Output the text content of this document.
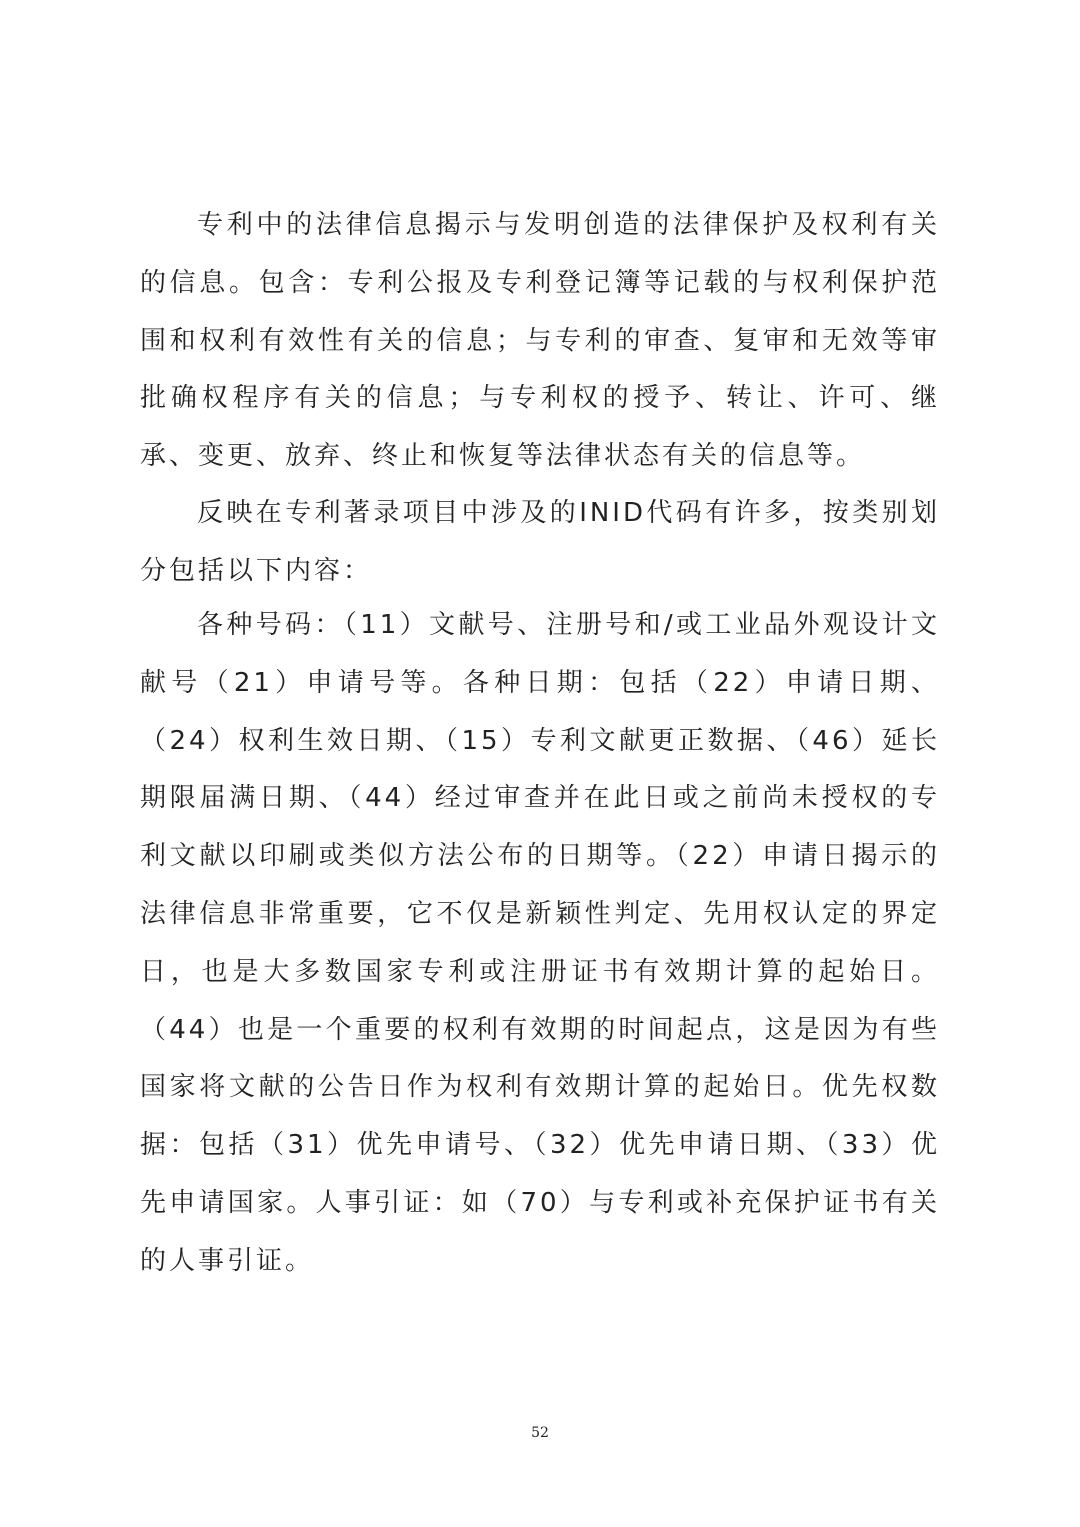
专利中的法律信息揭示与发明创造的法律保护及权利有关的信息。包含：专利公报及专利登记簿等记载的与权利保护范围和权利有效性有关的信息；与专利的审查、复审和无效等审批确权程序有关的信息；与专利权的授予、转让、许可、继承、变更、放弃、终止和恢复等法律状态有关的信息等。

反映在专利著录项目中涉及的INID代码有许多，按类别划分包括以下内容：

各种号码：（11）文献号、注册号和/或工业品外观设计文献号（21）申请号等。各种日期：包括（22）申请日期、（24）权利生效日期、（15）专利文献更正数据、（46）延长期限届满日期、（44）经过审查并在此日或之前尚未授权的专利文献以印刷或类似方法公布的日期等。（22）申请日揭示的法律信息非常重要，它不仅是新颖性判定、先用权认定的界定日，也是大多数国家专利或注册证书有效期计算的起始日。（44）也是一个重要的权利有效期的时间起点，这是因为有些国家将文献的公告日作为权利有效期计算的起始日。优先权数据：包括（31）优先申请号、（32）优先申请日期、（33）优先申请国家。人事引证：如（70）与专利或补充保护证书有关的人事引证。

52
